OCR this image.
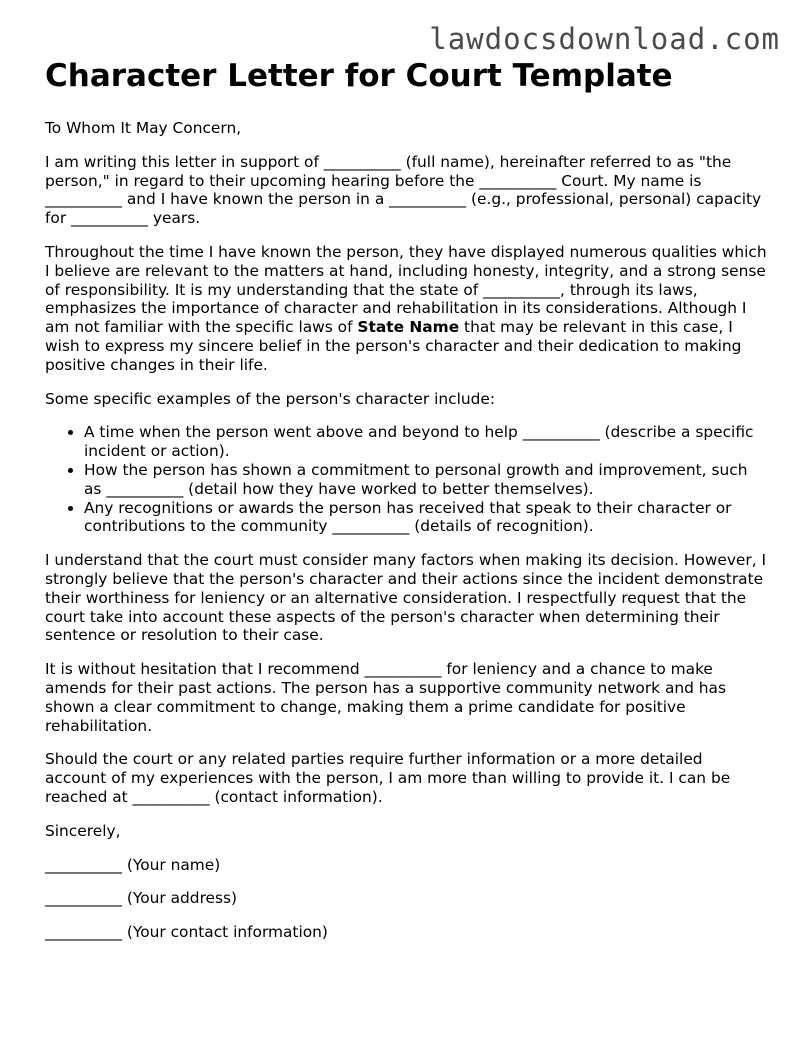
lawdocsdownload.com
Character Letter for Court Template

To Whom It May Concern,

I am writing this letter in support of __________ (full name), hereinafter referred to as "the person," in regard to their upcoming hearing before the __________ Court. My name is __________ and I have known the person in a __________ (e.g., professional, personal) capacity for __________ years.

Throughout the time I have known the person, they have displayed numerous qualities which I believe are relevant to the matters at hand, including honesty, integrity, and a strong sense of responsibility. It is my understanding that the state of __________, through its laws, emphasizes the importance of character and rehabilitation in its considerations. Although I am not familiar with the specific laws of State Name that may be relevant in this case, I wish to express my sincere belief in the person's character and their dedication to making positive changes in their life.

Some specific examples of the person's character include:

• A time when the person went above and beyond to help __________ (describe a specific incident or action).
• How the person has shown a commitment to personal growth and improvement, such as __________ (detail how they have worked to better themselves).
• Any recognitions or awards the person has received that speak to their character or contributions to the community __________ (details of recognition).

I understand that the court must consider many factors when making its decision. However, I strongly believe that the person's character and their actions since the incident demonstrate their worthiness for leniency or an alternative consideration. I respectfully request that the court take into account these aspects of the person's character when determining their sentence or resolution to their case.

It is without hesitation that I recommend __________ for leniency and a chance to make amends for their past actions. The person has a supportive community network and has shown a clear commitment to change, making them a prime candidate for positive rehabilitation.

Should the court or any related parties require further information or a more detailed account of my experiences with the person, I am more than willing to provide it. I can be reached at __________ (contact information).

Sincerely,

__________ (Your name)

__________ (Your address)

__________ (Your contact information)
